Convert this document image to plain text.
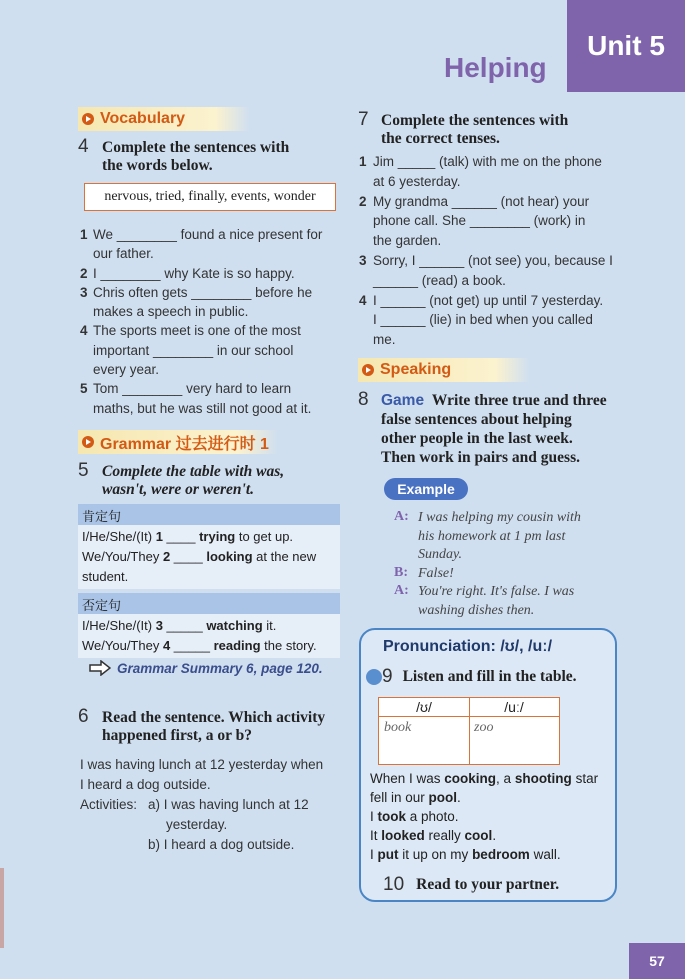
Unit 5
Helping
Vocabulary
4 Complete the sentences with
the words below.
nervous, tried, finally, events, wonder
1 We ________ found a nice present for
our father.
2 I ________ why Kate is so happy.
3 Chris often gets ________ before he
makes a speech in public.
4 The sports meet is one of the most
important ________ in our school
every year.
5 Tom ________ very hard to learn
maths, but he was still not good at it.
Grammar 过去进行时 1
5 Complete the table with was,
wasn't, were or weren't.
肯定句
I/He/She/(It) 1 ____ trying to get up.
We/You/They 2 ____ looking at the new
student.
否定句
I/He/She/(It) 3 _____ watching it.
We/You/They 4 _____ reading the story.
Grammar Summary 6, page 120.
6 Read the sentence. Which activity
happened first, a or b?
I was having lunch at 12 yesterday when
I heard a dog outside.
Activities: a) I was having lunch at 12
yesterday.
b) I heard a dog outside.
7 Complete the sentences with
the correct tenses.
1 Jim _____ (talk) with me on the phone
at 6 yesterday.
2 My grandma ______ (not hear) your
phone call. She ________ (work) in
the garden.
3 Sorry, I ______ (not see) you, because I
______ (read) a book.
4 I ______ (not get) up until 7 yesterday.
I ______ (lie) in bed when you called
me.
Speaking
8 Game Write three true and three
false sentences about helping
other people in the last week.
Then work in pairs and guess.
Example
A: I was helping my cousin with
his homework at 1 pm last
Sunday.
B: False!
A: You're right. It's false. I was
washing dishes then.
Pronunciation: /ʊ/, /uː/
9 Listen and fill in the table.
/ʊ/	/uː/
book	zoo
When I was cooking, a shooting star
fell in our pool.
I took a photo.
It looked really cool.
I put it up on my bedroom wall.
10 Read to your partner.
57
